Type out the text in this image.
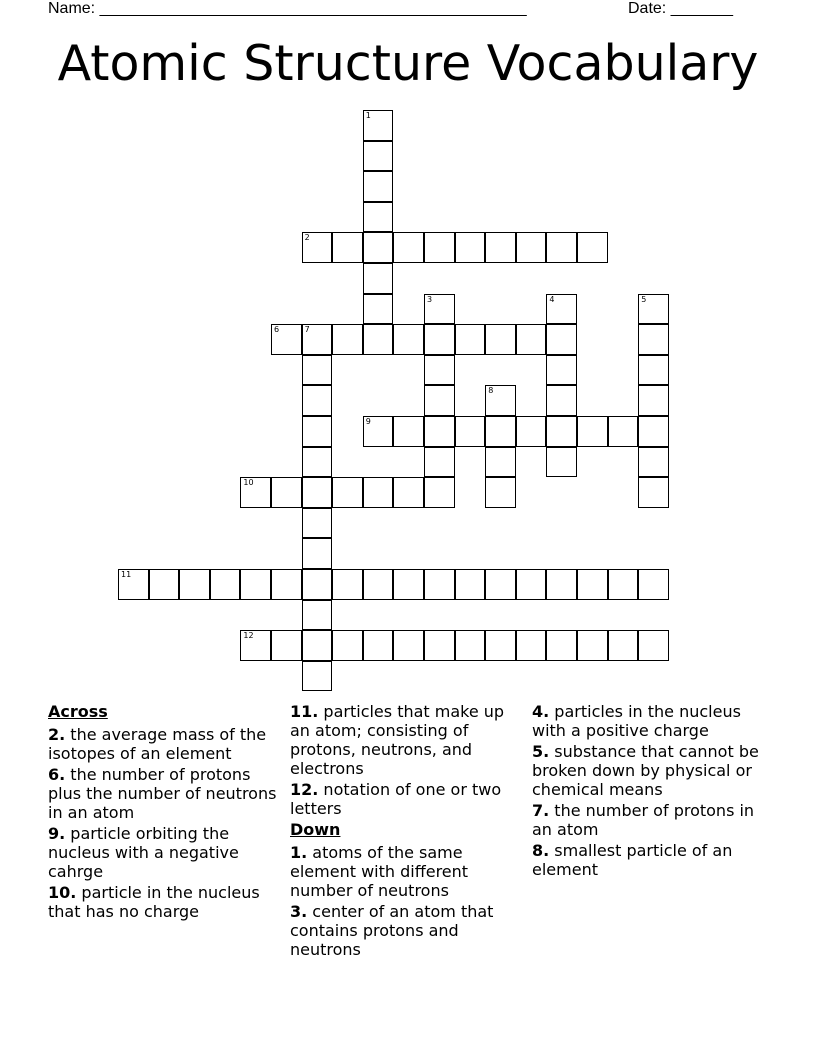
Name: ________________________________________________	Date: _______
Atomic Structure Vocabulary
1
2
3	4	5
6	7
8
9
10
11
12
Across
2. the average mass of the isotopes of an element
6. the number of protons plus the number of neutrons in an atom
9. particle orbiting the nucleus with a negative cahrge
10. particle in the nucleus that has no charge
11. particles that make up an atom; consisting of protons, neutrons, and electrons
12. notation of one or two letters
Down
1. atoms of the same element with different number of neutrons
3. center of an atom that contains protons and neutrons
4. particles in the nucleus with a positive charge
5. substance that cannot be broken down by physical or chemical means
7. the number of protons in an atom
8. smallest particle of an element
